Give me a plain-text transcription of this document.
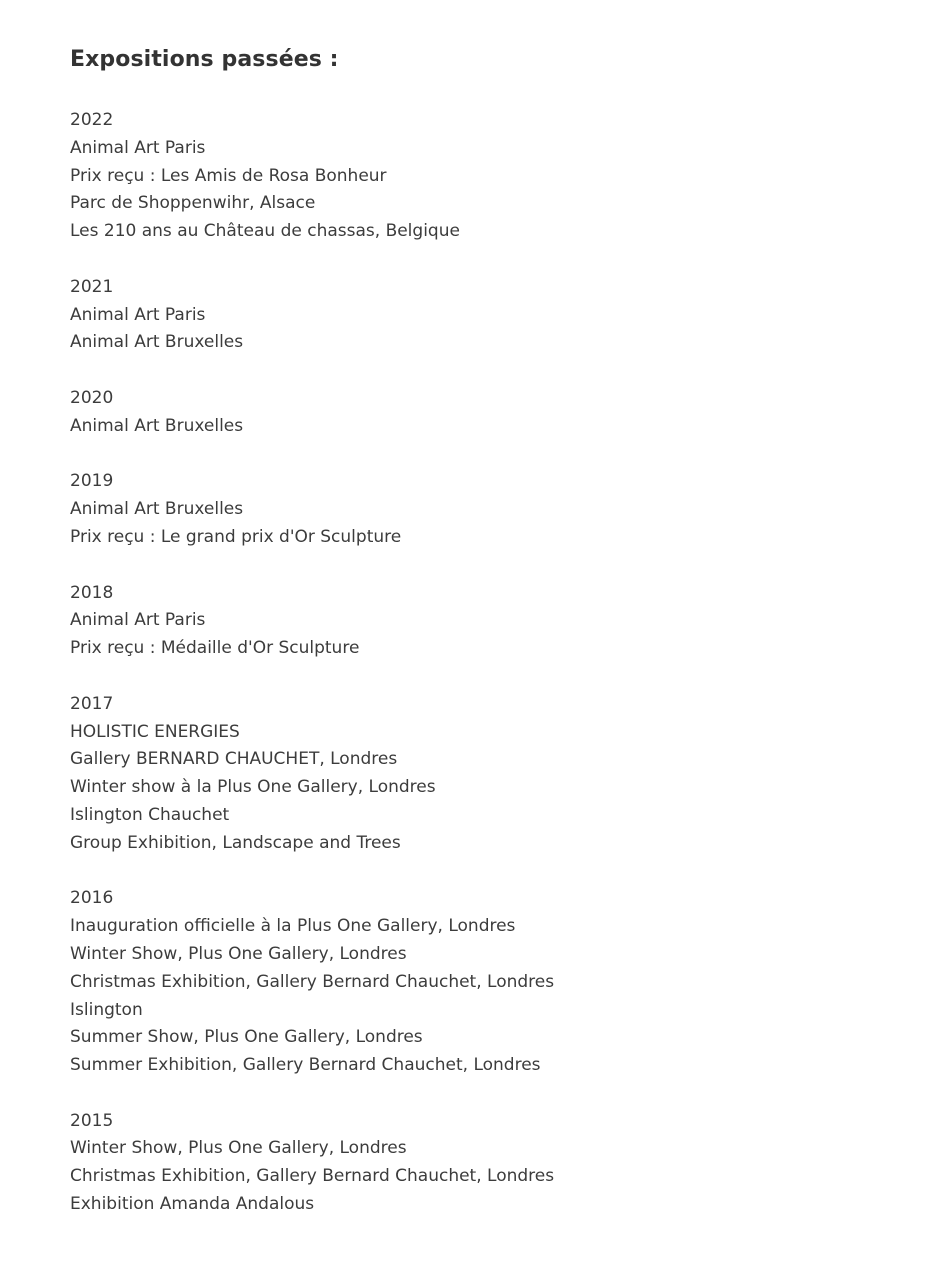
Expositions passées :
2022
Animal Art Paris
Prix reçu : Les Amis de Rosa Bonheur
Parc de Shoppenwihr, Alsace
Les 210 ans au Château de chassas, Belgique
2021
Animal Art Paris
Animal Art Bruxelles
2020
Animal Art Bruxelles
2019
Animal Art Bruxelles
Prix reçu : Le grand prix d'Or Sculpture
2018
Animal Art Paris
Prix reçu : Médaille d'Or Sculpture
2017
HOLISTIC ENERGIES
Gallery BERNARD CHAUCHET, Londres
Winter show à la Plus One Gallery, Londres
Islington Chauchet
Group Exhibition, Landscape and Trees
2016
Inauguration officielle à la Plus One Gallery, Londres
Winter Show, Plus One Gallery, Londres
Christmas Exhibition, Gallery Bernard Chauchet, Londres
Islington
Summer Show, Plus One Gallery, Londres
Summer Exhibition, Gallery Bernard Chauchet, Londres
2015
Winter Show, Plus One Gallery, Londres
Christmas Exhibition, Gallery Bernard Chauchet, Londres
Exhibition Amanda Andalous
